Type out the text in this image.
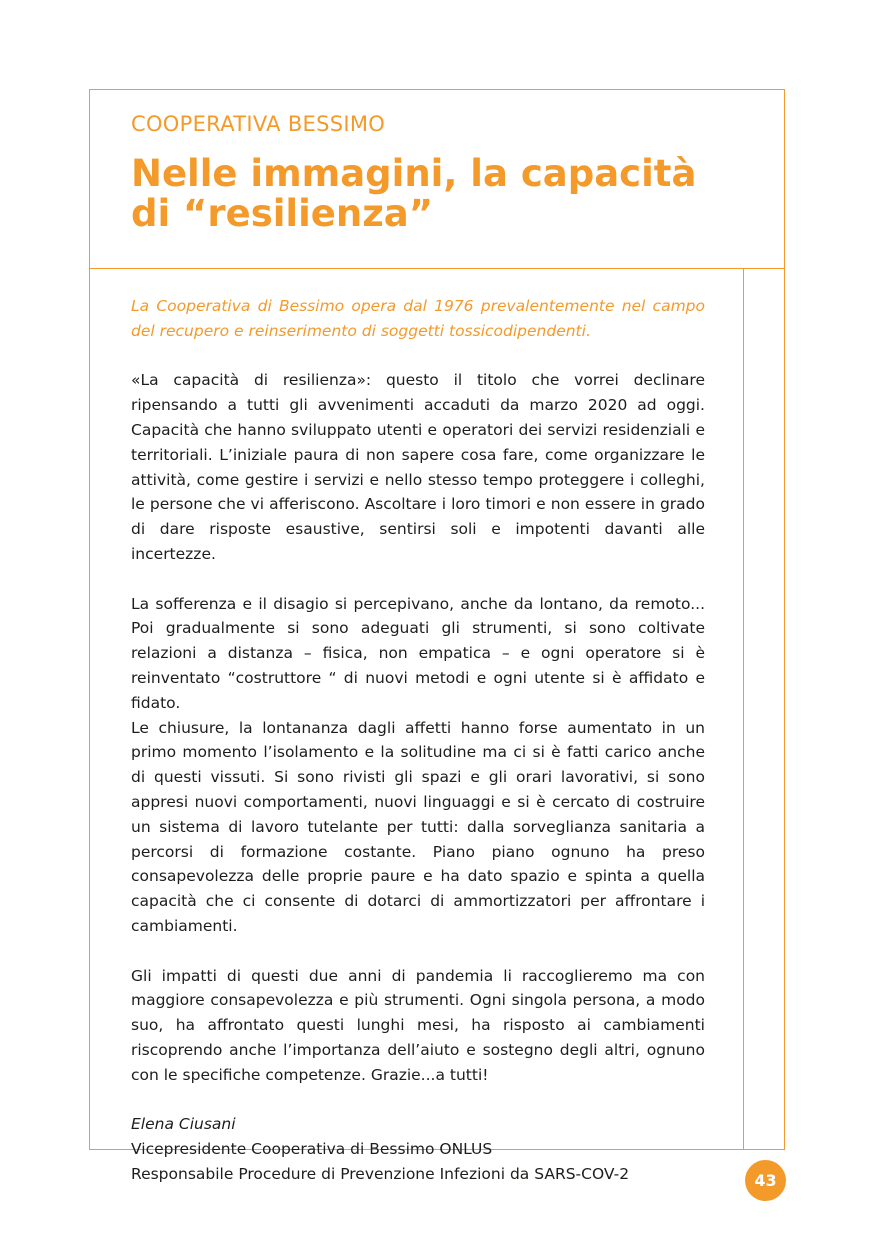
COOPERATIVA BESSIMO
Nelle immagini, la capacità
di “resilienza”

La Cooperativa di Bessimo opera dal 1976 prevalentemente nel campo del recupero e reinserimento di soggetti tossicodipendenti.

«La capacità di resilienza»: questo il titolo che vorrei declinare ripensando a tutti gli avvenimenti accaduti da marzo 2020 ad oggi. Capacità che hanno sviluppato utenti e operatori dei servizi residenziali e territoriali. L’iniziale paura di non sapere cosa fare, come organizzare le attività, come gestire i servizi e nello stesso tempo proteggere i colleghi, le persone che vi afferiscono. Ascoltare i loro timori e non essere in grado di dare risposte esaustive, sentirsi soli e impotenti davanti alle incertezze.

La sofferenza e il disagio si percepivano, anche da lontano, da remoto... Poi gradualmente si sono adeguati gli strumenti, si sono coltivate relazioni a distanza – fisica, non empatica – e ogni operatore si è reinventato “costruttore “ di nuovi metodi e ogni utente si è affidato e fidato.

Le chiusure, la lontananza dagli affetti hanno forse aumentato in un primo momento l’isolamento e la solitudine ma ci si è fatti carico anche di questi vissuti. Si sono rivisti gli spazi e gli orari lavorativi, si sono appresi nuovi comportamenti, nuovi linguaggi e si è cercato di costruire un sistema di lavoro tutelante per tutti: dalla sorveglianza sanitaria a percorsi di formazione costante. Piano piano ognuno ha preso consapevolezza delle proprie paure e ha dato spazio e spinta a quella capacità che ci consente di dotarci di ammortizzatori per affrontare i cambiamenti.

Gli impatti di questi due anni di pandemia li raccoglieremo ma con maggiore consapevolezza e più strumenti. Ogni singola persona, a modo suo, ha affrontato questi lunghi mesi, ha risposto ai cambiamenti riscoprendo anche l’importanza dell’aiuto e sostegno degli altri, ognuno con le specifiche competenze. Grazie...a tutti!

Elena Ciusani

Vicepresidente Cooperativa di Bessimo ONLUS

Responsabile Procedure di Prevenzione Infezioni da SARS-COV-2	43
